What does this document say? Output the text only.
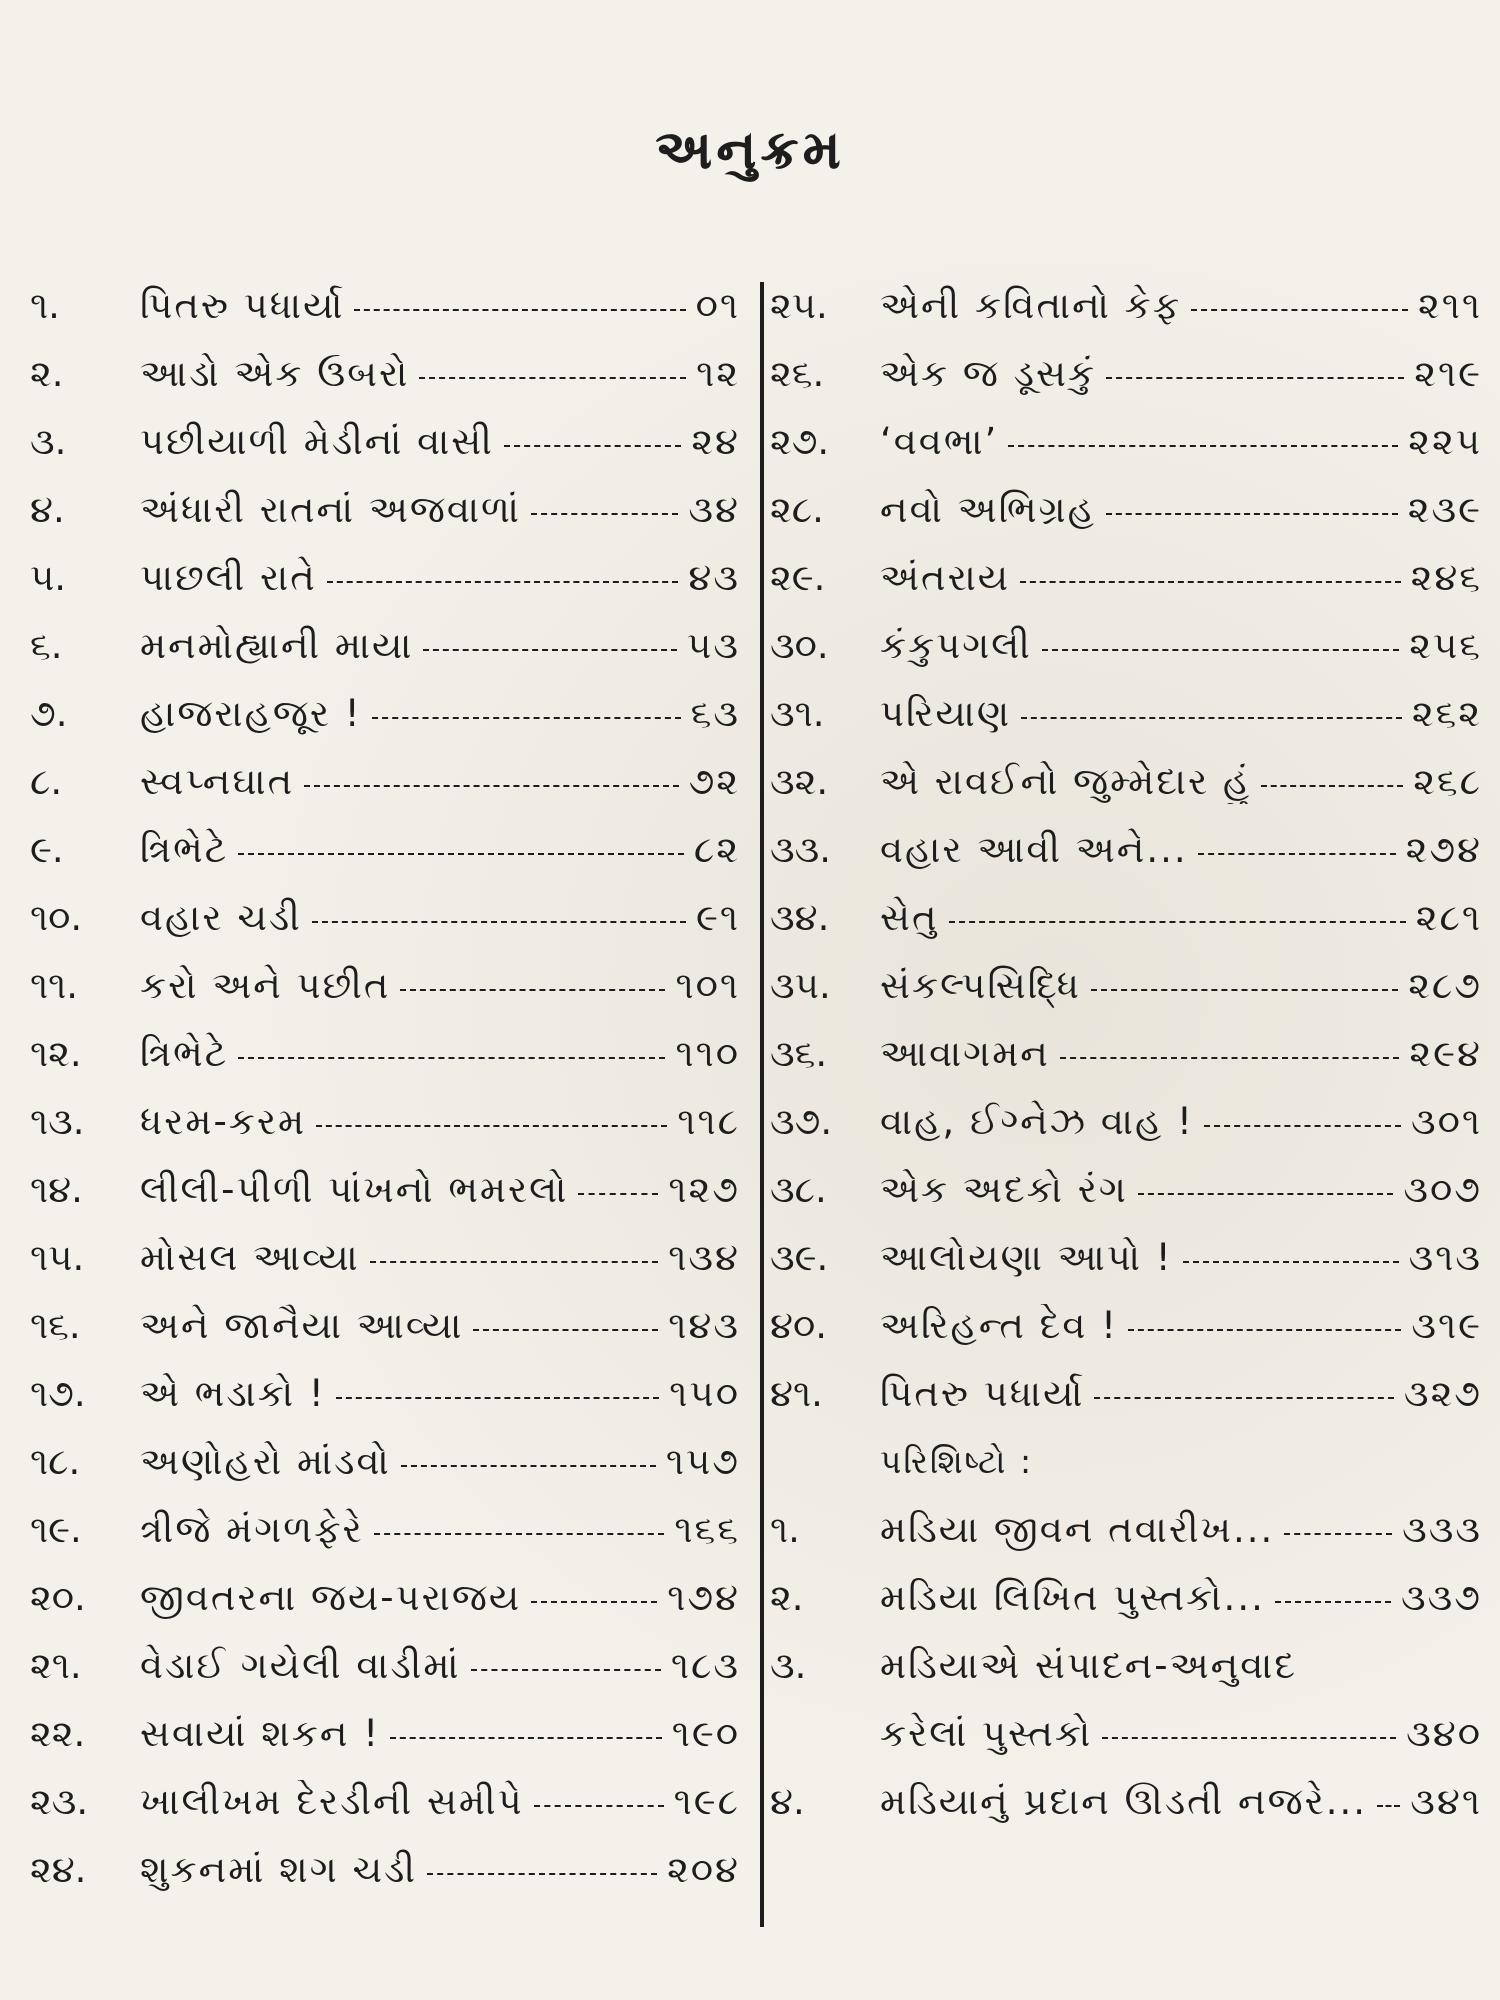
અનુક્રમ
૧.	પિતરુ પધાર્યા	૦૧
૨.	આડો એક ઉંબરો	૧૨
૩.	પછીયાળી મેડીનાં વાસી	૨૪
૪.	અંધારી રાતનાં અજવાળાં	૩૪
૫.	પાછલી રાતે	૪૩
૬.	મનમોહ્યાની માયા	૫૩
૭.	હાજરાહજૂર !	૬૩
૮.	સ્વપ્નઘાત	૭૨
૯.	ત્રિભેટે	૮૨
૧૦.	વહાર ચડી	૯૧
૧૧.	કરો અને પછીત	૧૦૧
૧૨.	ત્રિભેટે	૧૧૦
૧૩.	ધરમ-કરમ	૧૧૮
૧૪.	લીલી-પીળી પાંખનો ભમરલો	૧૨૭
૧૫.	મોસલ આવ્યા	૧૩૪
૧૬.	અને જાનૈયા આવ્યા	૧૪૩
૧૭.	એ ભડાકો !	૧૫૦
૧૮.	અણોહરો માંડવો	૧૫૭
૧૯.	ત્રીજે મંગળફેરે	૧૬૬
૨૦.	જીવતરના જય-પરાજય	૧૭૪
૨૧.	વેડાઈ ગયેલી વાડીમાં	૧૮૩
૨૨.	સવાયાં શકન !	૧૯૦
૨૩.	ખાલીખમ દેરડીની સમીપે	૧૯૮
૨૪.	શુકનમાં શગ ચડી	૨૦૪
૨૫.	એની કવિતાનો કેફ	૨૧૧
૨૬.	એક જ ડૂસકું	૨૧૯
૨૭.	‘વવભા’	૨૨૫
૨૮.	નવો અભિગ્રહ	૨૩૯
૨૯.	અંતરાય	૨૪૬
૩૦.	કંકુપગલી	૨૫૬
૩૧.	પરિયાણ	૨૬૨
૩૨.	એ રાવઈનો જુમ્મેદાર હું	૨૬૮
૩૩.	વહાર આવી અને...	૨૭૪
૩૪.	સેતુ	૨૮૧
૩૫.	સંકલ્પસિદ્ધિ	૨૮૭
૩૬.	આવાગમન	૨૯૪
૩૭.	વાહ, ઈગ્નેઝ વાહ !	૩૦૧
૩૮.	એક અદકો રંગ	૩૦૭
૩૯.	આલોયણા આપો !	૩૧૩
૪૦.	અરિહન્ત દેવ !	૩૧૯
૪૧.	પિતરુ પધાર્યા	૩૨૭
પરિશિષ્ટો :
૧.	મડિયા જીવન તવારીખ...	૩૩૩
૨.	મડિયા લિખિત પુસ્તકો...	૩૩૭
૩.	મડિયાએ સંપાદન-અનુવાદ
કરેલાં પુસ્તકો	૩૪૦
૪.	મડિયાનું પ્રદાન ઊડતી નજરે... ૩૪૧
